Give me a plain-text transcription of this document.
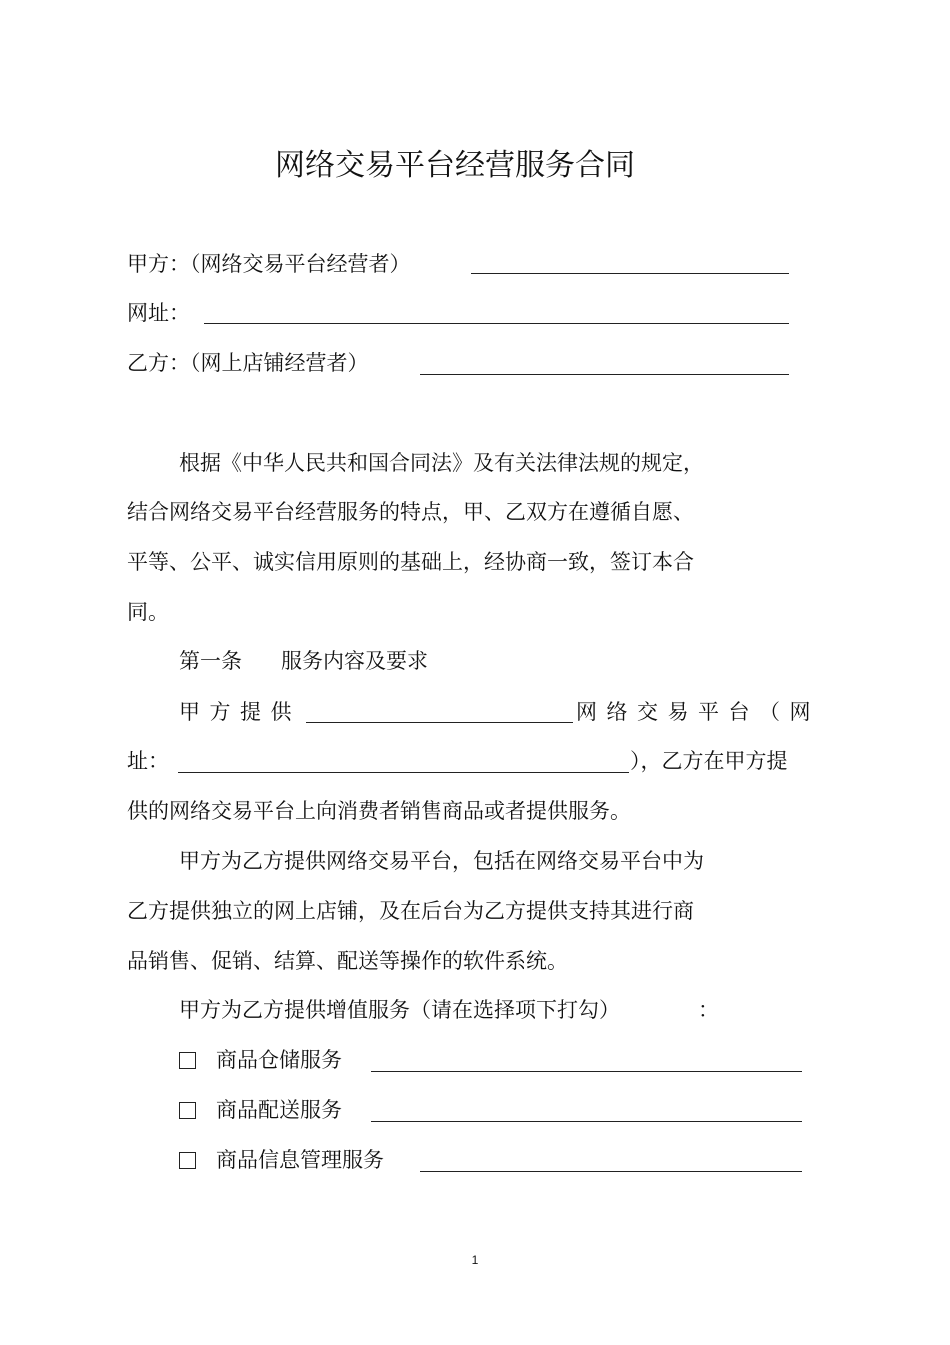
网络交易平台经营服务合同
甲方：（网络交易平台经营者）
网址：
乙方：（网上店铺经营者）
根据《中华人民共和国合同法》及有关法律法规的规定，
结合网络交易平台经营服务的特点，甲、乙双方在遵循自愿、
平等、公平、诚实信用原则的基础上，经协商一致，签订本合
同。
第一条 服务内容及要求
甲方提供	网络交易平台（网
址：	），乙方在甲方提
供的网络交易平台上向消费者销售商品或者提供服务。
甲方为乙方提供网络交易平台，包括在网络交易平台中为
乙方提供独立的网上店铺，及在后台为乙方提供支持其进行商
品销售、促销、结算、配送等操作的软件系统。
甲方为乙方提供增值服务（请在选择项下打勾）	：
商品仓储服务
商品配送服务
商品信息管理服务
1
